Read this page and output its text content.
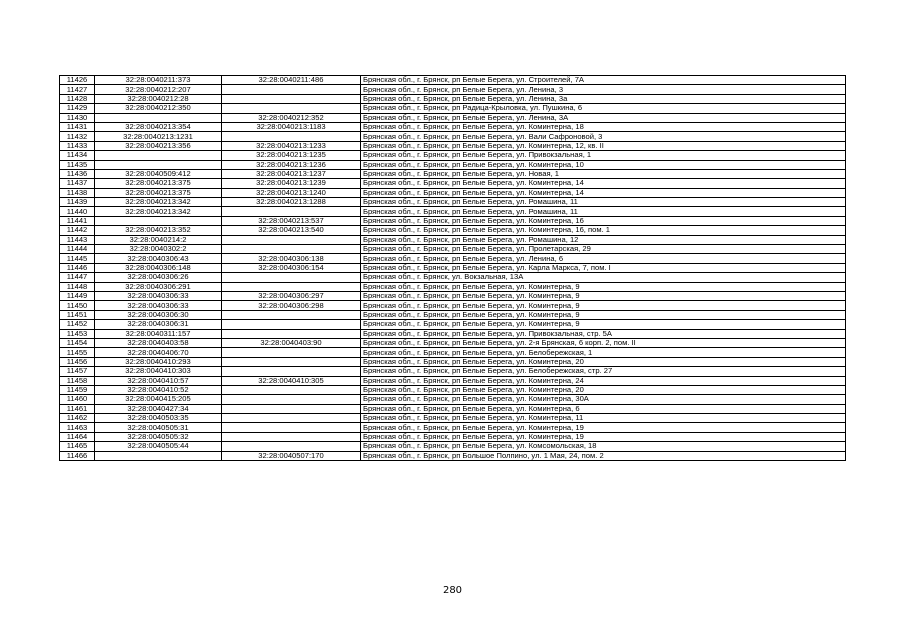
11426	32:28:0040211:373	32:28:0040211:486	Брянская обл., г. Брянск, рп Белые Берега, ул. Строителей, 7А
11427	32:28:0040212:207		Брянская обл., г. Брянск, рп Белые Берега, ул. Ленина, 3
11428	32:28:0040212:28		Брянская обл., г. Брянск, рп Белые Берега, ул. Ленина, 3а
11429	32:28:0040212:350		Брянская обл., г. Брянск, рп Радица-Крыловка, ул. Пушкина, 6
11430		32:28:0040212:352	Брянская обл., г. Брянск, рп Белые Берега, ул. Ленина, 3А
11431	32:28:0040213:354	32:28:0040213:1183	Брянская обл., г. Брянск, рп Белые Берега, ул. Коминтерна, 18
11432	32:28:0040213:1231		Брянская обл., г. Брянск, рп Белые Берега, ул. Вали Сафроновой, 3
11433	32:28:0040213:356	32:28:0040213:1233	Брянская обл., г. Брянск, рп Белые Берега, ул. Коминтерна, 12, кв. II
11434		32:28:0040213:1235	Брянская обл., г. Брянск, рп Белые Берега, ул. Привокзальная, 1
11435		32:28:0040213:1236	Брянская обл., г. Брянск, рп Белые Берега, ул. Коминтерна, 10
11436	32:28:0040509:412	32:28:0040213:1237	Брянская обл., г. Брянск, рп Белые Берега, ул. Новая, 1
11437	32:28:0040213:375	32:28:0040213:1239	Брянская обл., г. Брянск, рп Белые Берега, ул. Коминтерна, 14
11438	32:28:0040213:375	32:28:0040213:1240	Брянская обл., г. Брянск, рп Белые Берега, ул. Коминтерна, 14
11439	32:28:0040213:342	32:28:0040213:1288	Брянская обл., г. Брянск, рп Белые Берега, ул. Ромашина, 11
11440	32:28:0040213:342		Брянская обл., г. Брянск, рп Белые Берега, ул. Ромашина, 11
11441		32:28:0040213:537	Брянская обл., г. Брянск, рп Белые Берега, ул. Коминтерна, 16
11442	32:28:0040213:352	32:28:0040213:540	Брянская обл., г. Брянск, рп Белые Берега, ул. Коминтерна, 16, пом. 1
11443	32:28:0040214:2		Брянская обл., г. Брянск, рп Белые Берега, ул. Ромашина, 12
11444	32:28:0040302:2		Брянская обл., г. Брянск, рп Белые Берега, ул. Пролетарская, 29
11445	32:28:0040306:43	32:28:0040306:138	Брянская обл., г. Брянск, рп Белые Берега, ул. Ленина, 6
11446	32:28:0040306:148	32:28:0040306:154	Брянская обл., г. Брянск, рп Белые Берега, ул. Карла Маркса, 7, пом. I
11447	32:28:0040306:26		Брянская обл., г. Брянск, ул. Вокзальная, 13А
11448	32:28:0040306:291		Брянская обл., г. Брянск, рп Белые Берега, ул. Коминтерна, 9
11449	32:28:0040306:33	32:28:0040306:297	Брянская обл., г. Брянск, рп Белые Берега, ул. Коминтерна, 9
11450	32:28:0040306:33	32:28:0040306:298	Брянская обл., г. Брянск, рп Белые Берега, ул. Коминтерна, 9
11451	32:28:0040306:30		Брянская обл., г. Брянск, рп Белые Берега, ул. Коминтерна, 9
11452	32:28:0040306:31		Брянская обл., г. Брянск, рп Белые Берега, ул. Коминтерна, 9
11453	32:28:0040311:157		Брянская обл., г. Брянск, рп Белые Берега, ул. Привокзальная, стр. 5А
11454	32:28:0040403:58	32:28:0040403:90	Брянская обл., г. Брянск, рп Белые Берега, ул. 2-я Брянская, 6 корп. 2, пом. II
11455	32:28:0040406:70		Брянская обл., г. Брянск, рп Белые Берега, ул. Белобережская, 1
11456	32:28:0040410:293		Брянская обл., г. Брянск, рп Белые Берега, ул. Коминтерна, 20
11457	32:28:0040410:303		Брянская обл., г. Брянск, рп Белые Берега, ул. Белобережская, стр. 27
11458	32:28:0040410:57	32:28:0040410:305	Брянская обл., г. Брянск, рп Белые Берега, ул. Коминтерна, 24
11459	32:28:0040410:52		Брянская обл., г. Брянск, рп Белые Берега, ул. Коминтерна, 20
11460	32:28:0040415:205		Брянская обл., г. Брянск, рп Белые Берега, ул. Коминтерна, 30А
11461	32:28:0040427:34		Брянская обл., г. Брянск, рп Белые Берега, ул. Коминтерна, 6
11462	32:28:0040503:35		Брянская обл., г. Брянск, рп Белые Берега, ул. Коминтерна, 11
11463	32:28:0040505:31		Брянская обл., г. Брянск, рп Белые Берега, ул. Коминтерна, 19
11464	32:28:0040505:32		Брянская обл., г. Брянск, рп Белые Берега, ул. Коминтерна, 19
11465	32:28:0040505:44		Брянская обл., г. Брянск, рп Белые Берега, ул. Комсомольская, 18
11466		32:28:0040507:170	Брянская обл., г. Брянск, рп Большое Полпино, ул. 1 Мая, 24, пом. 2
280
